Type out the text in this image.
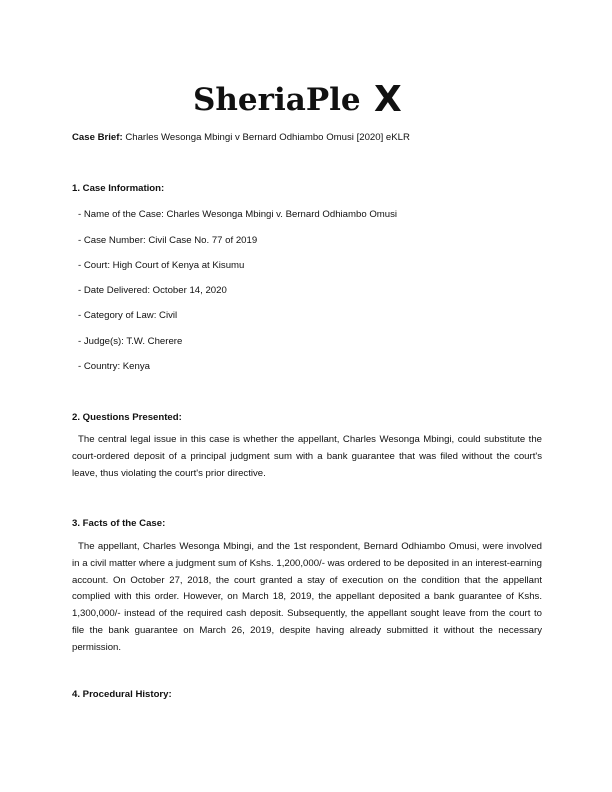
SheriaPle X
Case Brief: Charles Wesonga Mbingi v Bernard Odhiambo Omusi [2020] eKLR
1. Case Information:
- Name of the Case: Charles Wesonga Mbingi v. Bernard Odhiambo Omusi
- Case Number: Civil Case No. 77 of 2019
- Court: High Court of Kenya at Kisumu
- Date Delivered: October 14, 2020
- Category of Law: Civil
- Judge(s): T.W. Cherere
- Country: Kenya
2. Questions Presented:
The central legal issue in this case is whether the appellant, Charles Wesonga Mbingi, could substitute the court-ordered deposit of a principal judgment sum with a bank guarantee that was filed without the court's leave, thus violating the court's prior directive.
3. Facts of the Case:
The appellant, Charles Wesonga Mbingi, and the 1st respondent, Bernard Odhiambo Omusi, were involved in a civil matter where a judgment sum of Kshs. 1,200,000/- was ordered to be deposited in an interest-earning account. On October 27, 2018, the court granted a stay of execution on the condition that the appellant complied with this order. However, on March 18, 2019, the appellant deposited a bank guarantee of Kshs. 1,300,000/- instead of the required cash deposit. Subsequently, the appellant sought leave from the court to file the bank guarantee on March 26, 2019, despite having already submitted it without the necessary permission.
4. Procedural History:
